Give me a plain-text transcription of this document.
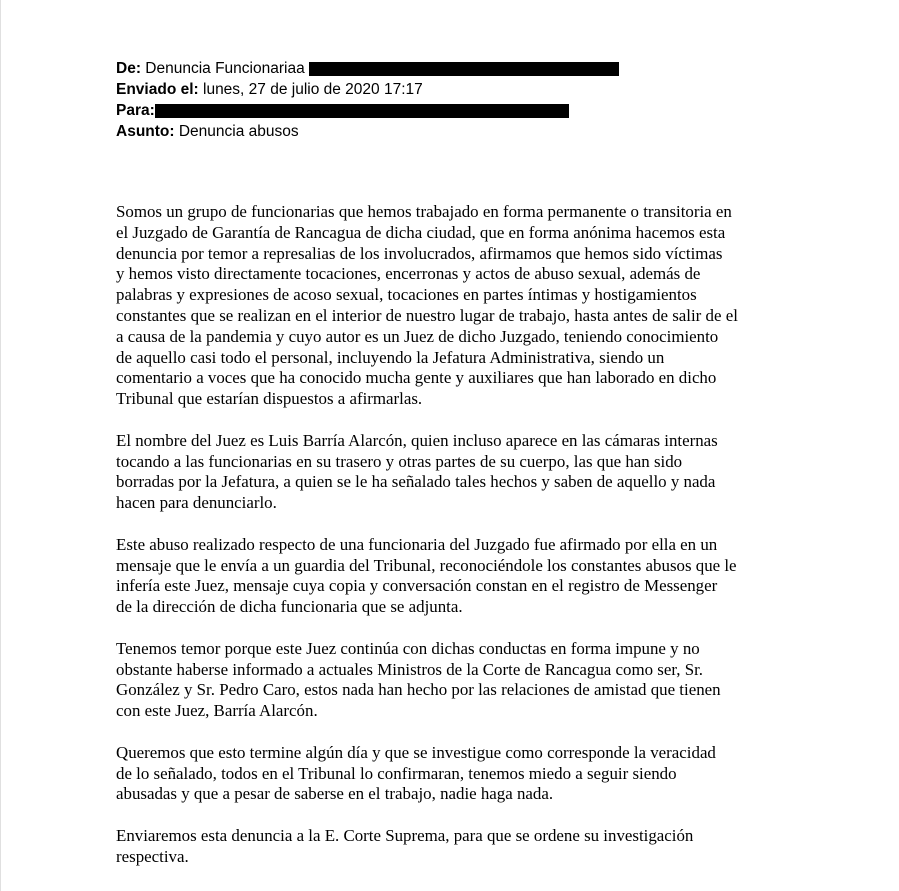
De:
Denuncia Funcionariaa

Enviado el:
lunes, 27 de julio de 2020 17:17
Para:
Asunto:
Denuncia abusos

Somos un grupo de funcionarias que hemos trabajado en forma permanente o transitoria en
el Juzgado de Garantía de Rancagua de dicha ciudad, que en forma anónima hacemos esta
denuncia por temor a represalias de los involucrados, afirmamos que hemos sido víctimas
y hemos visto directamente tocaciones, encerronas y actos de abuso sexual, además de
palabras y expresiones de acoso sexual, tocaciones en partes íntimas y hostigamientos
constantes que se realizan en el interior de nuestro lugar de trabajo, hasta antes de salir de el
a causa de la pandemia y cuyo autor es un Juez de dicho Juzgado, teniendo conocimiento
de aquello casi todo el personal, incluyendo la Jefatura Administrativa, siendo un
comentario a voces que ha conocido mucha gente y auxiliares que han laborado en dicho
Tribunal que estarían dispuestos a afirmarlas.

El nombre del Juez es Luis Barría Alarcón, quien incluso aparece en las cámaras internas
tocando a las funcionarias en su trasero y otras partes de su cuerpo, las que han sido
borradas por la Jefatura, a quien se le ha señalado tales hechos y saben de aquello y nada
hacen para denunciarlo.

Este abuso realizado respecto de una funcionaria del Juzgado fue afirmado por ella en un
mensaje que le envía a un guardia del Tribunal, reconociéndole los constantes abusos que le
infería este Juez, mensaje cuya copia y conversación constan en el registro de Messenger
de la dirección de dicha funcionaria que se adjunta.

Tenemos temor porque este Juez continúa con dichas conductas en forma impune y no
obstante haberse informado a actuales Ministros de la Corte de Rancagua como ser, Sr.
González y Sr. Pedro Caro, estos nada han hecho por las relaciones de amistad que tienen
con este Juez, Barría Alarcón.

Queremos que esto termine algún día y que se investigue como corresponde la veracidad
de lo señalado, todos en el Tribunal lo confirmaran, tenemos miedo a seguir siendo
abusadas y que a pesar de saberse en el trabajo, nadie haga nada.

Enviaremos esta denuncia a la E. Corte Suprema, para que se ordene su investigación
respectiva.
